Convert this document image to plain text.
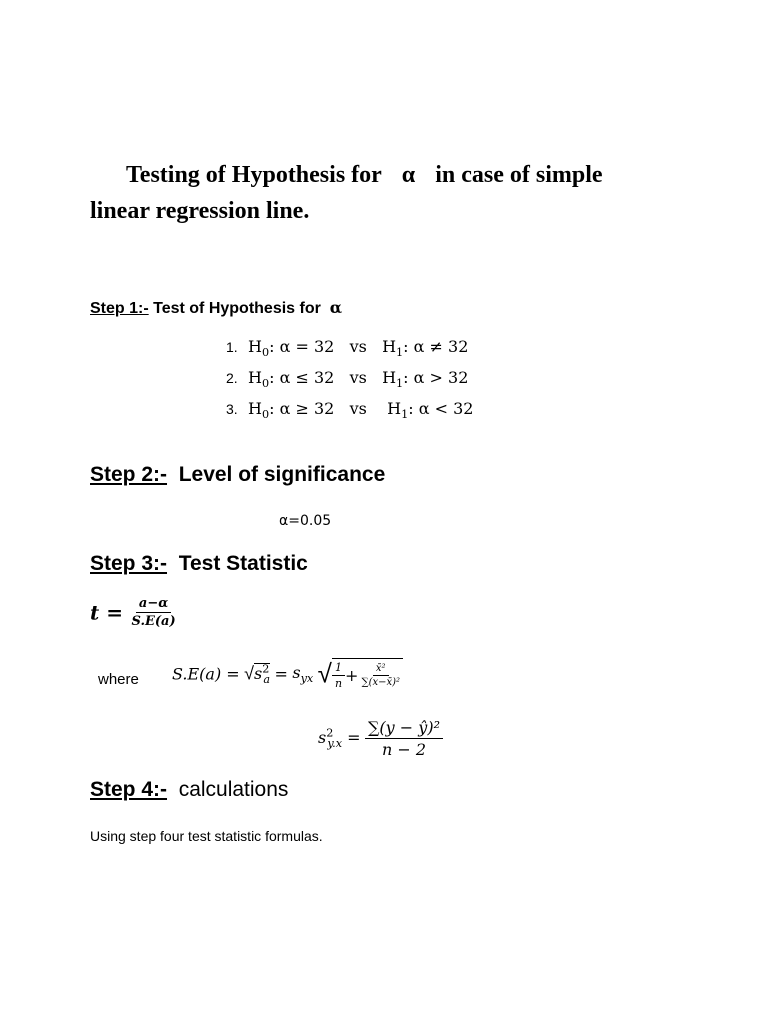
Testing of Hypothesis for α in case of simple
linear regression line.
Step 1:- Test of Hypothesis for α
1. $H_0$: α = 32 vs   $H_1$: α ≠ 32
2. $H_0$: α ≤ 32 vs   $H_1$: α > 32
3. $H_0$: α ≥ 32 vs    $H_1$: α < 32
Step 2:- Level of significance
α=0.05
Step 3:- Test Statistic
$t = \frac{a-\alpha}{S.E(a)}$
where $S.E(a) = √s^2_a = s_{yx}$ √ $\frac{1}{n} + \frac{\text{x̄²}}{\text{∑(x−x̄)²}}$
$s^2_{y.x} = \frac{\text{∑(y − ŷ)²}}{n - 2}$
Step 4:- calculations
Using step four test statistic formulas.
